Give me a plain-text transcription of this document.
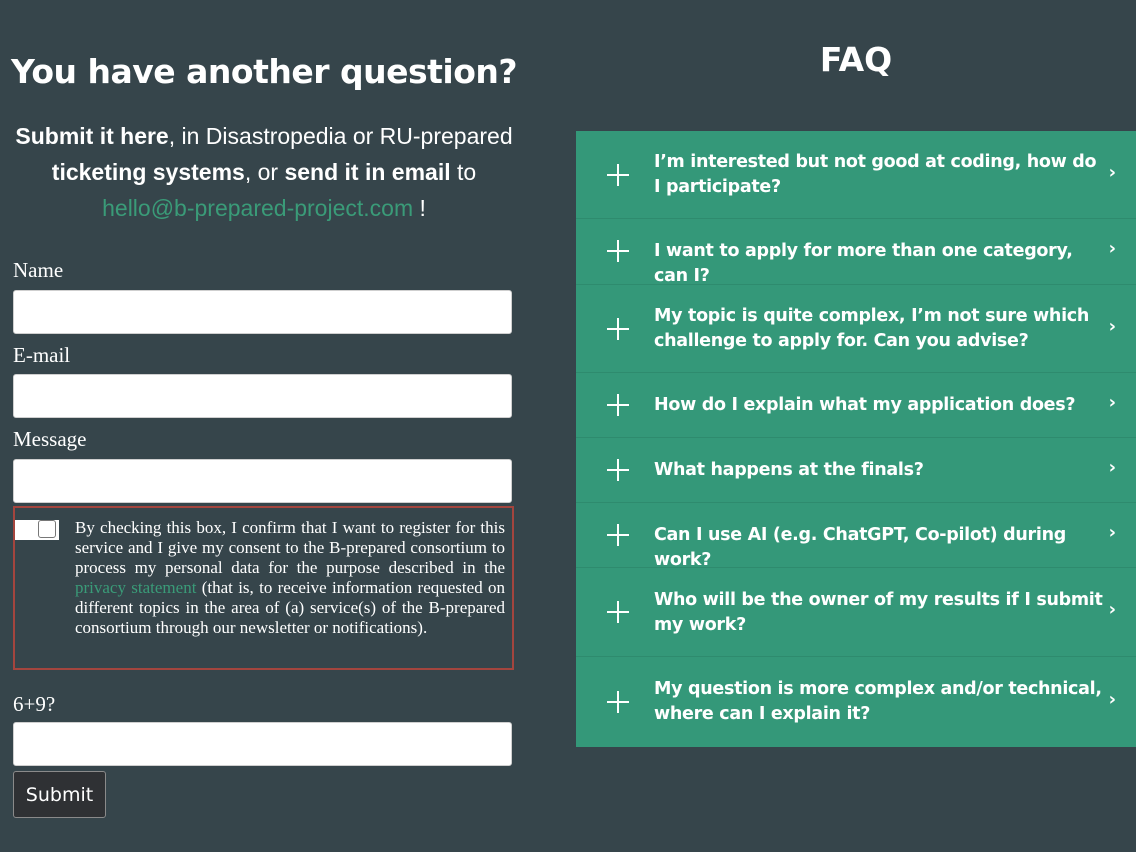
You have another question?

Submit it here, in Disastropedia or RU-prepared ticketing systems, or send it in email to
hello@b-prepared-project.com !

Name
E-mail
Message
By checking this box, I confirm that I want to register for this service and I give my consent to the B-prepared consortium to process my personal data for the purpose described in the privacy statement (that is, to receive information requested on different topics in the area of (a) service(s) of the B-prepared consortium through our newsletter or notifications).
6+9?
Submit
FAQ
I’m interested but not good at coding, how do I participate?
›
I want to apply for more than one category, can I?
›
My topic is quite complex, I’m not sure which challenge to apply for. Can you advise?
›
How do I explain what my application does?	›
What happens at the finals?	›
Can I use AI (e.g. ChatGPT, Co-pilot) during work?
›
Who will be the owner of my results if I submit my work?
›
My question is more complex and/or technical, where can I explain it?
›
